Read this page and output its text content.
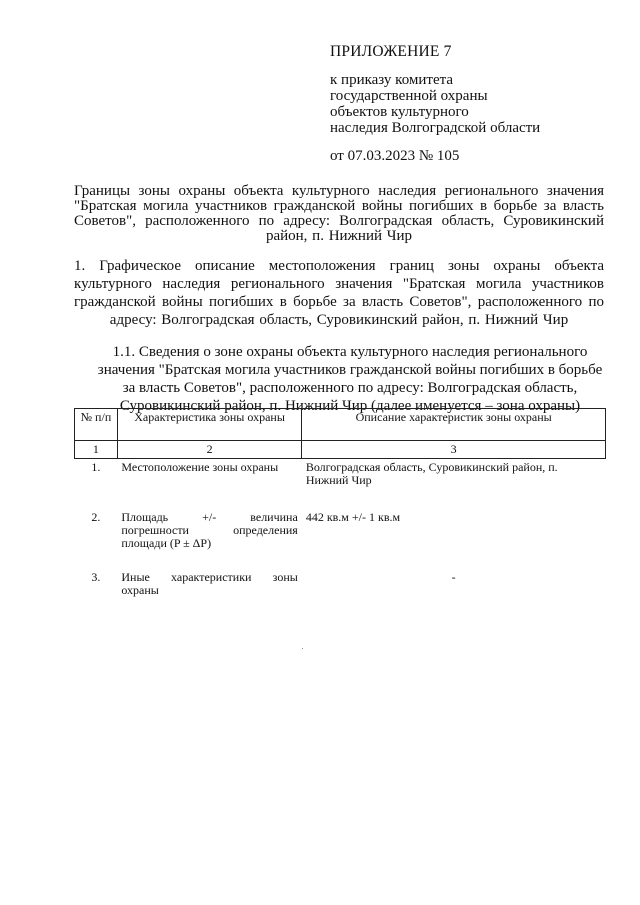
ПРИЛОЖЕНИЕ 7
к приказу комитета
государственной охраны
объектов культурного
наследия Волгоградской области
от 07.03.2023 № 105
Границы зоны охраны объекта культурного наследия регионального значения "Братская могила участников гражданской войны погибших в борьбе за власть Советов", расположенного по адресу: Волгоградская область, Суровикинский район, п. Нижний Чир
1. Графическое описание местоположения границ зоны охраны объекта культурного наследия регионального значения "Братская могила участников гражданской войны погибших в борьбе за власть Советов", расположенного по адресу: Волгоградская область, Суровикинский район, п. Нижний Чир
1.1. Сведения о зоне охраны объекта культурного наследия регионального значения "Братская могила участников гражданской войны погибших в борьбе за власть Советов", расположенного по адресу: Волгоградская область, Суровикинский район, п. Нижний Чир (далее именуется – зона охраны)
№ п/п	Характеристика зоны охраны	Описание характеристик зоны охраны
1	2	3
1.	Местоположение зоны охраны	Волгоградская область, Суровикинский район, п. Нижний Чир
2.	Площадь +/- величина погрешности определения площади (P ± ΔP)	442 кв.м +/- 1 кв.м
3.	Иные характеристики зоны охраны	-
